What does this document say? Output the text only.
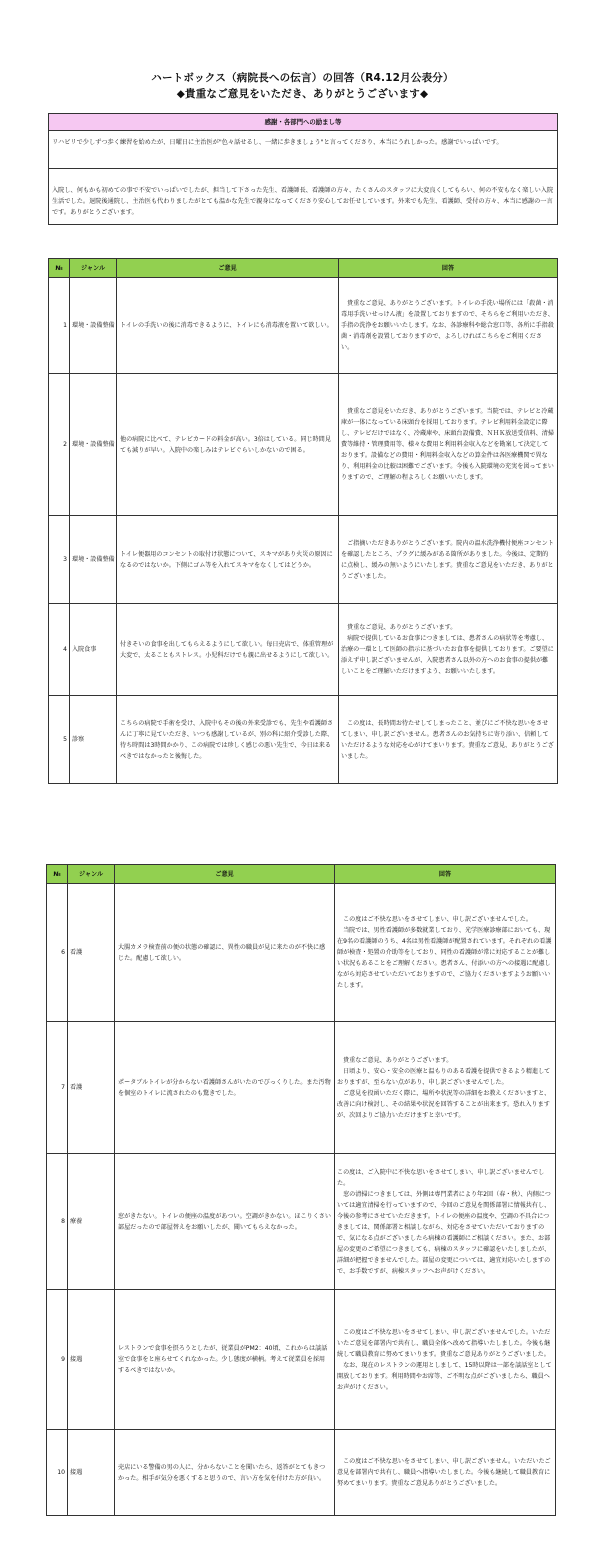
ハートボックス（病院長への伝言）の回答（R4.12月公表分）
◆貴重なご意見をいただき、ありがとうございます◆
感謝・各部門への励まし等
リハビリで少しずつ歩く練習を始めたが、日曜日に主治医が"色々話せるし、一緒に歩きましょう"と言ってくださり、本当にうれしかった。感謝でいっぱいです。
入院し、何もかも初めての事で不安でいっぱいでしたが、担当して下さった先生、看護師長、看護師の方々、たくさんのスタッフに大変良くしてもらい、何の不安もなく楽しい入院生活でした。退院後通院し、主治医も代わりましたがとても温かな先生で親身になってくださり安心してお任せしています。外来でも先生、看護師、受付の方々、本当に感謝の一言です。ありがとうございます。
№	ジャンル	ご意見	回答
1	環境・設備整備	トイレの手洗いの後に消毒できるように、トイレにも消毒液を置いて欲しい。	　貴重なご意見、ありがとうございます。トイレの手洗い場所には「殺菌・消毒用手洗いせっけん液」を設置しておりますので、そちらをご利用いただき、手指の洗浄をお願いいたします。なお、各診療科や総合窓口等、各所に手指殺菌・消毒剤を設置しておりますので、よろしければこちらをご利用ください。

2	環境・設備整備	他の病院に比べて、テレビカードの料金が高い。3倍はしている。同じ時間見ても減りが早い。入院中の楽しみはテレビぐらいしかないので困る。	　貴重なご意見をいただき、ありがとうございます。当院では、テレビと冷蔵庫が一体になっている床頭台を採用しております。テレビ利用料金設定に際し、テレビだけではなく、冷蔵庫や、床頭台設備費、ＮＨＫ放送受信料、清掃費等維持・管理費用等、様々な費用と利用料金収入などを勘案して決定しております。設備などの費用・利用料金収入などの算金件は各医療機関で異なり、利用料金の比較は困難でございます。今後も入院環境の充実を図ってまいりますので、ご理解の程よろしくお願いいたします。

3	環境・設備整備	トイレ便器用のコンセントの取付け状態について、スキマがあり火災の原因になるのではないか。下側にゴム等を入れてスキマをなくしてはどうか。	　ご指摘いただきありがとうございます。院内の温水洗浄機付便座コンセントを確認したところ、プラグに緩みがある箇所がありました。今後は、定期的に点検し、緩みの無いようにいたします。貴重なご意見をいただき、ありがとうございました。

4	入院食事	付きそいの食事を出してもらえるようにして欲しい。毎日売店で、体重管理が大変で、太ることもストレス。小児科だけでも親に出せるようにして欲しい。	　貴重なご意見、ありがとうございます。
　病院で提供しているお食事につきましては、患者さんの病状等を考慮し、治療の一環として医師の指示に基づいたお食事を提供しております。ご要望に添えず申し訳ございませんが、入院患者さん以外の方へのお食事の提供が難しいことをご理解いただけますよう、お願いいたします。

5	診察	こちらの病院で手術を受け、入院中もその後の外来受診でも、先生や看護師さんに丁寧に見ていただき、いつも感謝しているが、別の科に紹介受診した際、待ち時間は3時間かかり、この病院では珍しく感じの悪い先生で、今日は来るべきではなかったと後悔した。	　この度は、長時間お待たせしてしまったこと、並びにご不快な思いをさせてしまい、申し訳ございません。患者さんのお気持ちに寄り添い、信頼していただけるような対応を心がけてまいります。貴重なご意見、ありがとうございました。
№	ジャンル	ご意見	回答
6	看護	大腸カメラ検査前の便の状態の確認に、異性の職員が見に来たのが不快に感じた。配慮して欲しい。	　この度はご不快な思いをさせてしまい、申し訳ございませんでした。
　当院では、男性看護師が多数就業しており、光学医療診療部においても、現在9名の看護師のうち、4名は男性看護師が配置されています。それぞれの看護師が検査・処置の介助等をしており、同性の看護師が常に対応することが難しい状況もあることをご理解ください。患者さん、付添いの方への接遇に配慮しながら対応させていただいておりますので、ご協力くださいますようお願いいたします。

7	看護	ポータブルトイレが分からない看護師さんがいたのでびっくりした。また汚物を個室のトイレに流されたのも驚きでした。	　貴重なご意見、ありがとうございます。
　日頃より、安心・安全の医療と温もりのある看護を提供できるよう精進しておりますが、至らない点があり、申し訳ございませんでした。
　ご意見を投函いただく際に、場所や状況等の詳細をお教えくださいますと、改善に向け検討し、その結果や状況を回答することが出来ます。恐れ入りますが、次回よりご協力いただけますと幸いです。

8	療養	窓がきたない。トイレの便座の温度があつい。空調がきかない。ほこりくさい部屋だったので部屋替えをお願いしたが、聞いてもらえなかった。	この度は、ご入院中に不快な思いをさせてしまい、申し訳ございませんでした。
　窓の清掃につきましては、外側は専門業者により年2回（春・秋）、内側については適宜清掃を行っていますので、今回のご意見を関係部署に情報共有し、今後の参考にさせていただきます。トイレの便座の温度や、空調の不具合につきましては、関係部署と相談しながら、対応をさせていただいておりますので、気になる点がございましたら病棟の看護師にご相談ください。また、お部屋の変更のご希望につきましても、病棟のスタッフに確認をいたしましたが、詳細が把握できませんでした。部屋の変更については、適宜対応いたしますので、お手数ですが、病棟スタッフへお声がけください。

9	接遇	レストランで食事を摂ろうとしたが、従業員がPM2：40頃、これからは談話室で食事をと座らせてくれなかった。少し態度が横柄。考えて従業員を採用するべきではないか。	　この度はご不快な思いをさせてしまい、申し訳ございませんでした。いただいたご意見を部署内で共有し、職員全体へ改めて指導いたしました。今後も継続して職員教育に努めてまいります。貴重なご意見ありがとうございました。
　なお、現在のレストランの運用としまして、15時以降は一部を談話室として開放しております。利用時間やお席等、ご不明な点がございましたら、職員へお声がけください。

10	接遇	売店にいる警備の男の人に、分からないことを聞いたら、返答がとてもきつかった。相手が気分を悪くすると思うので、言い方を気を付けた方が良い。	　この度はご不快な思いをさせてしまい、申し訳ございません。いただいたご意見を部署内で共有し、職員へ指導いたしました。今後も継続して職員教育に努めてまいります。貴重なご意見ありがとうございました。
